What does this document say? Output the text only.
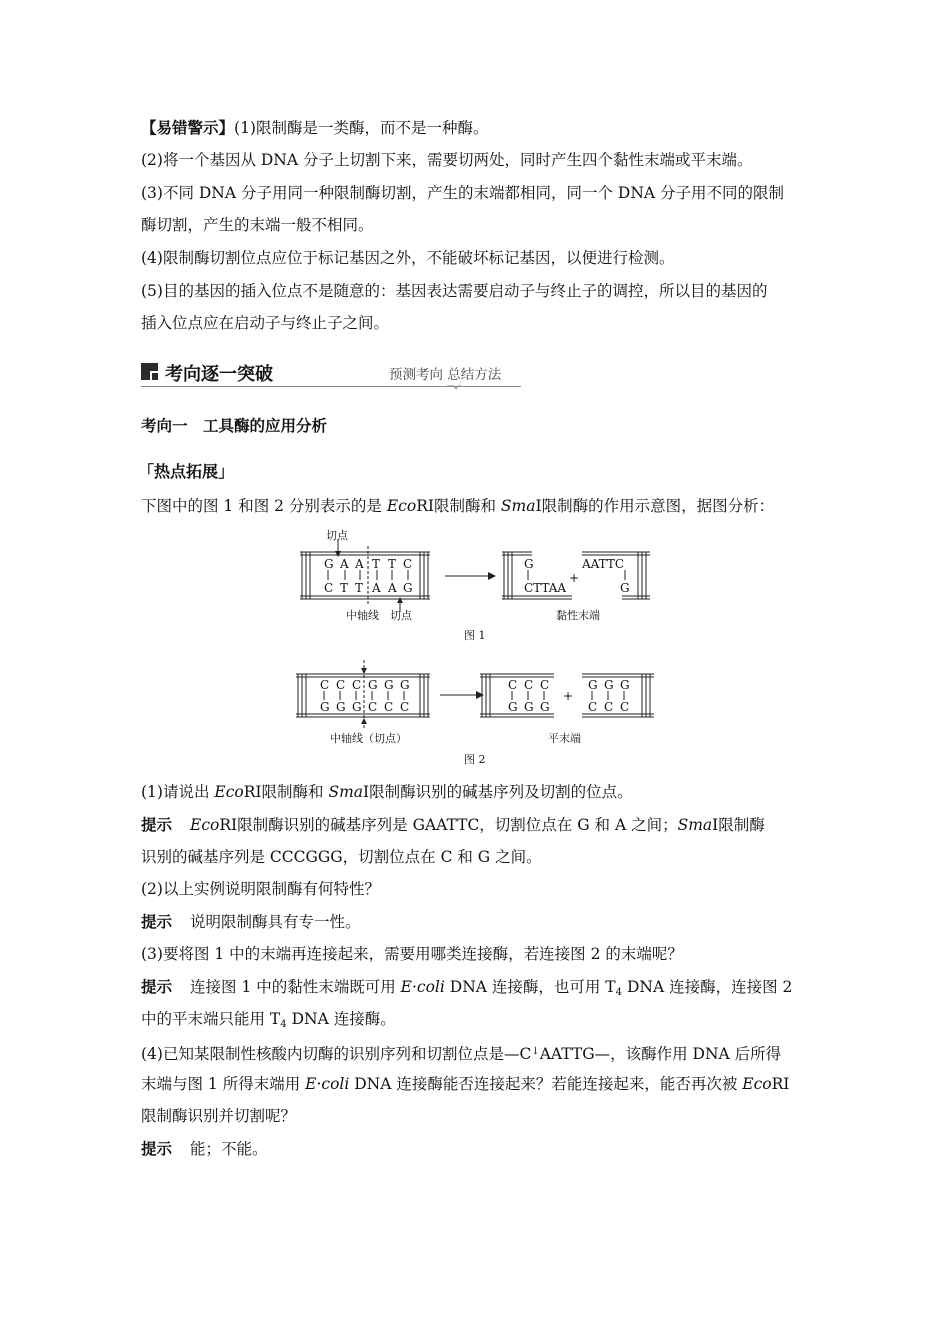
【易错警示】(1)限制酶是一类酶，而不是一种酶。
(2)将一个基因从 DNA 分子上切割下来，需要切两处，同时产生四个黏性末端或平末端。
(3)不同 DNA 分子用同一种限制酶切割，产生的末端都相同，同一个 DNA 分子用不同的限制
酶切割，产生的末端一般不相同。
(4)限制酶切割位点应位于标记基因之外，不能破坏标记基因，以便进行检测。
(5)目的基因的插入位点不是随意的：基因表达需要启动子与终止子的调控，所以目的基因的
插入位点应在启动子与终止子之间。
考向逐一突破	预测考向 总结方法
考向一　工具酶的应用分析
「热点拓展」
下图中的图 1 和图 2 分别表示的是 EcoRⅠ限制酶和 SmaⅠ限制酶的作用示意图，据图分析：
切点
G A A T T C
C T T A A G
中轴线 切点
G
CTTAA
+
AATTC
G
黏性末端
图 1
C C C G G G
G G G C C C
中轴线（切点）
C C C
G G G
+
G G G
C C C
平末端
图 2
(1)请说出 EcoRⅠ限制酶和 SmaⅠ限制酶识别的碱基序列及切割的位点。
提示 EcoRⅠ限制酶识别的碱基序列是 GAATTC，切割位点在 G 和 A 之间；SmaⅠ限制酶
识别的碱基序列是 CCCGGG，切割位点在 C 和 G 之间。
(2)以上实例说明限制酶有何特性？
提示 说明限制酶具有专一性。
(3)要将图 1 中的末端再连接起来，需要用哪类连接酶，若连接图 2 的末端呢？
提示 连接图 1 中的黏性末端既可用 E·coli DNA 连接酶，也可用 $T_4$ DNA 连接酶，连接图 2
中的平末端只能用 $T_4$ DNA 连接酶。
(4)已知某限制性核酸内切酶的识别序列和切割位点是—C↓AATTG—，该酶作用 DNA 后所得
末端与图 1 所得末端用 E·coli DNA 连接酶能否连接起来？若能连接起来，能否再次被 EcoRⅠ
限制酶识别并切割呢？
提示 能；不能。
